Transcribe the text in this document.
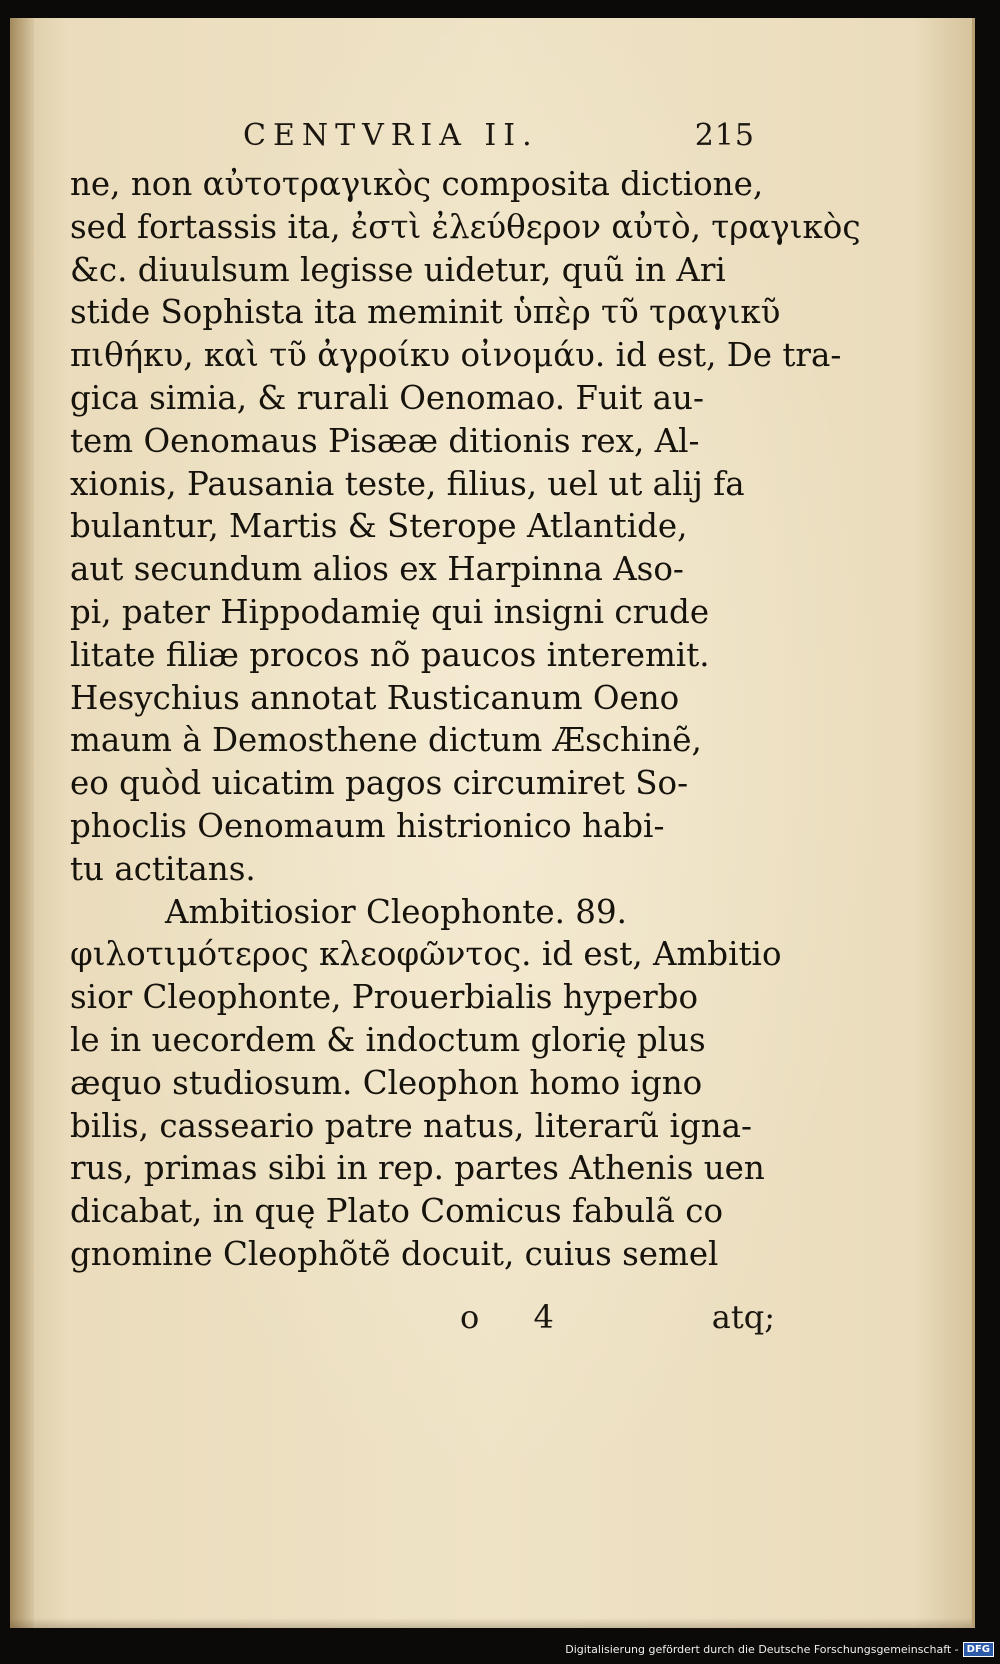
CENTVRIA II.	215
ne, non αὐτοτραγικὸς composita dictione,
sed fortassis ita, ἐστὶ ἐλεύθερον αὐτὸ, τραγικὸς
&c. diuulsum legisse uidetur, quũ in Ari
stide Sophista ita meminit ὑπὲρ τῦ τραγικῦ
πιθήκυ, καὶ τῦ ἀγροίκυ οἰνομάυ. id est, De tra-
gica simia, & rurali Oenomao. Fuit au-
tem Oenomaus Pisææ ditionis rex, Al-
xionis, Pausania teste, filius, uel ut alij fa
bulantur, Martis & Sterope Atlantide,
aut secundum alios ex Harpinna Aso-
pi, pater Hippodamię qui insigni crude
litate filiæ procos nõ paucos interemit.
Hesychius annotat Rusticanum Oeno
maum à Demosthene dictum Æschinẽ,
eo quòd uicatim pagos circumiret So-
phoclis Oenomaum histrionico habi-
tu actitans.
Ambitiosior Cleophonte. 89.
φιλοτιμότερος κλεοφῶντος. id est, Ambitio
sior Cleophonte, Prouerbialis hyperbo
le in uecordem & indoctum glorię plus
æquo studiosum. Cleophon homo igno
bilis, casseario patre natus, literarũ igna-
rus, primas sibi in rep. partes Athenis uen
dicabat, in quę Plato Comicus fabulã co
gnomine Cleophõtẽ docuit, cuius semel
o 4	atq;
Digitalisierung gefördert durch die Deutsche Forschungsgemeinschaft - DFG
